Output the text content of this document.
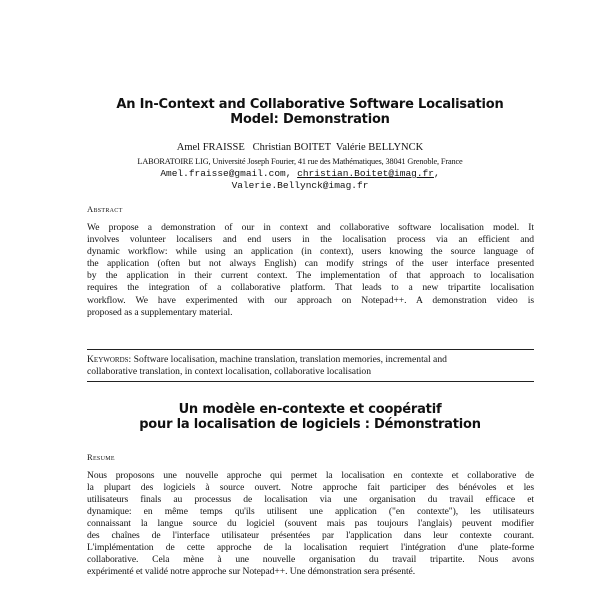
An In-Context and Collaborative Software Localisation
Model: Demonstration
Amel FRAISSE   Christian BOITET  Valérie BELLYNCK
LABORATOIRE LIG, Université Joseph Fourier, 41 rue des Mathématiques, 38041 Grenoble, France
Amel.fraisse@gmail.com, christian.Boitet@imag.fr,
Valerie.Bellynck@imag.fr
Abstract
We propose a demonstration of our in context and collaborative software localisation model. It
involves volunteer localisers and end users in the localisation process via an efficient and
dynamic workflow: while using an application (in context), users knowing the source language of
the application (often but not always English) can modify strings of the user interface presented
by the application in their current context. The implementation of that approach to localisation
requires the integration of a collaborative platform. That leads to a new tripartite localisation
workflow. We have experimented with our approach on Notepad++. A demonstration video is
proposed as a supplementary material.
Keywords: Software localisation, machine translation, translation memories, incremental and
collaborative translation, in context localisation, collaborative localisation
Un modèle en-contexte et coopératif
pour la localisation de logiciels : Démonstration
Resume
Nous proposons une nouvelle approche qui permet la localisation en contexte et collaborative de
la plupart des logiciels à source ouvert. Notre approche fait participer des bénévoles et les
utilisateurs finals au processus de localisation via une organisation du travail efficace et
dynamique: en même temps qu'ils utilisent une application ("en contexte"), les utilisateurs
connaissant la langue source du logiciel (souvent mais pas toujours l'anglais) peuvent modifier
des chaînes de l'interface utilisateur présentées par l'application dans leur contexte courant.
L'implémentation de cette approche de la localisation requiert l'intégration d'une plate-forme
collaborative. Cela mène à une nouvelle organisation du travail tripartite. Nous avons
expérimenté et validé notre approche sur Notepad++. Une démonstration sera présenté.
